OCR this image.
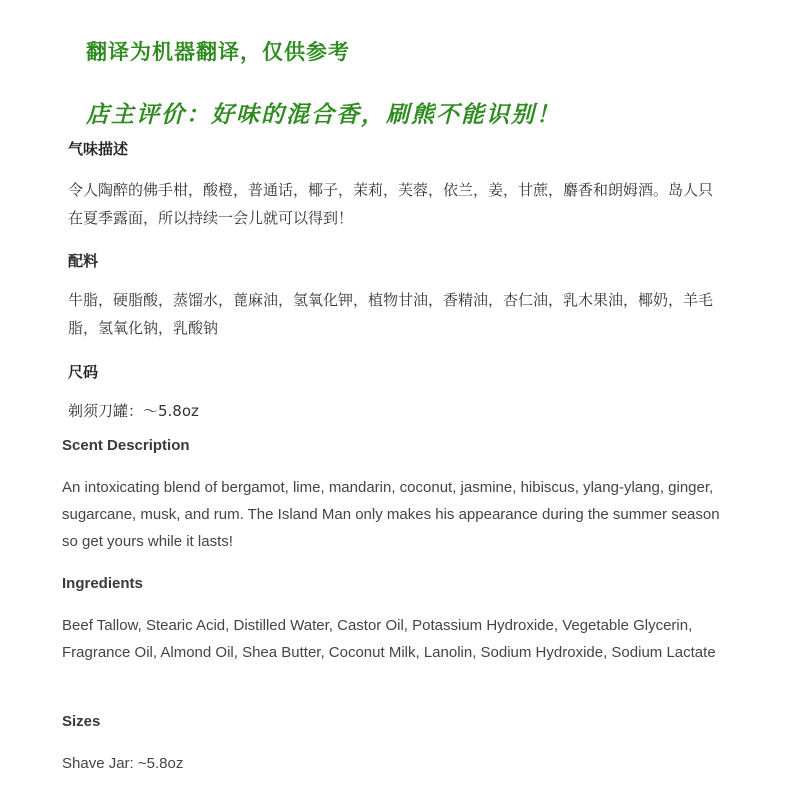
翻译为机器翻译，仅供参考

店主评价：好味的混合香，刷熊不能识别！

气味描述

令人陶醉的佛手柑，酸橙，普通话，椰子，茉莉，芙蓉，依兰，姜，甘蔗，麝香和朗姆酒。岛人只在夏季露面，所以持续一会儿就可以得到！

配料

牛脂，硬脂酸，蒸馏水，蓖麻油，氢氧化钾，植物甘油，香精油，杏仁油，乳木果油，椰奶，羊毛脂，氢氧化钠，乳酸钠

尺码

剃须刀罐：〜5.8oz

Scent Description

An intoxicating blend of bergamot, lime, mandarin, coconut, jasmine, hibiscus, ylang-ylang, ginger, sugarcane, musk, and rum. The Island Man only makes his appearance during the summer season so get yours while it lasts!

Ingredients

Beef Tallow, Stearic Acid, Distilled Water, Castor Oil, Potassium Hydroxide, Vegetable Glycerin, Fragrance Oil, Almond Oil, Shea Butter, Coconut Milk, Lanolin, Sodium Hydroxide, Sodium Lactate

Sizes

Shave Jar: ~5.8oz
